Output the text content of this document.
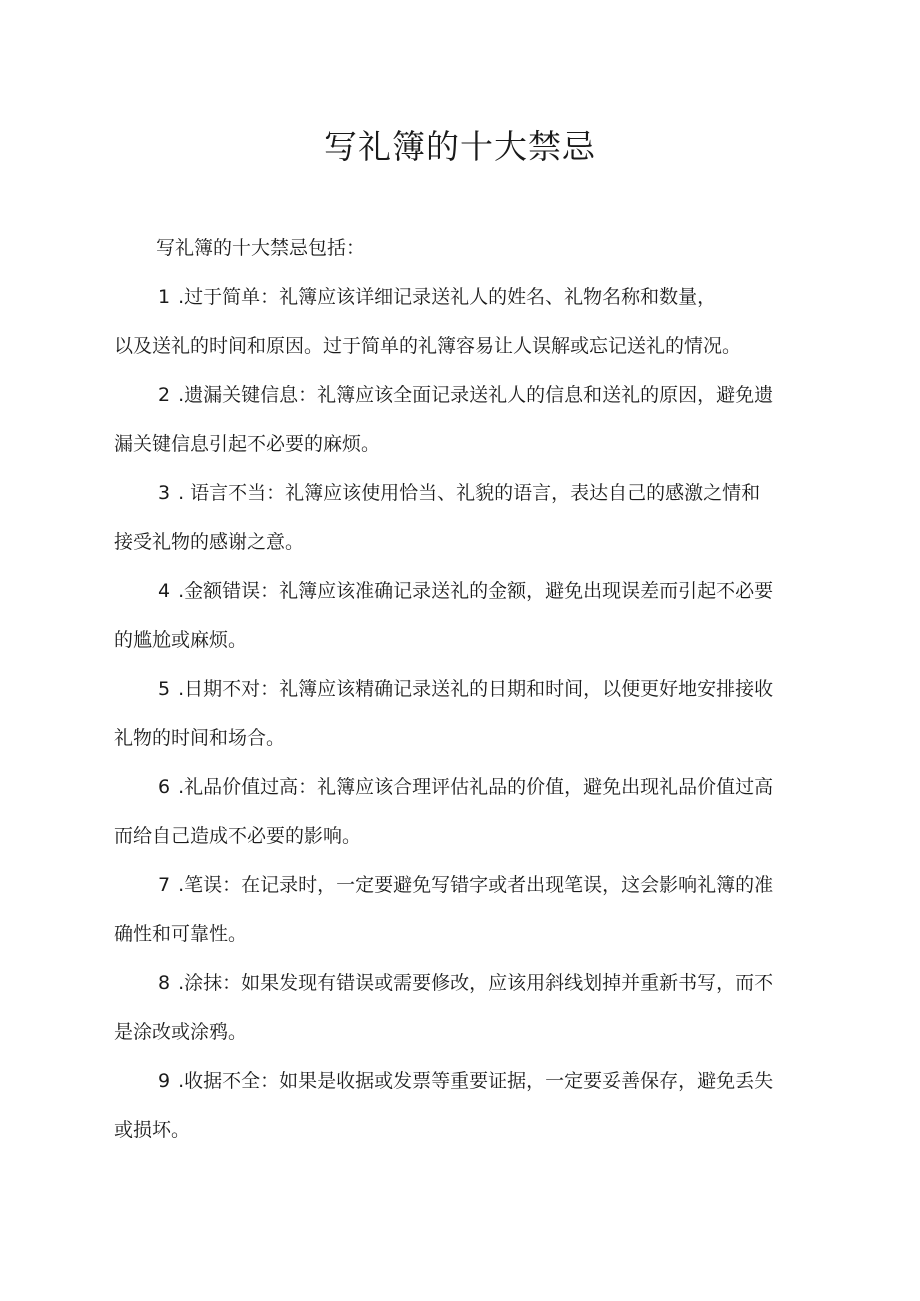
写礼簿的十大禁忌

写礼簿的十大禁忌包括：

1 .过于简单：礼簿应该详细记录送礼人的姓名、礼物名称和数量，
以及送礼的时间和原因。过于简单的礼簿容易让人误解或忘记送礼的情况。

2 .遗漏关键信息：礼簿应该全面记录送礼人的信息和送礼的原因，避免遗
漏关键信息引起不必要的麻烦。

3 . 语言不当：礼簿应该使用恰当、礼貌的语言，表达自己的感激之情和
接受礼物的感谢之意。

4 .金额错误：礼簿应该准确记录送礼的金额，避免出现误差而引起不必要
的尴尬或麻烦。

5 .日期不对：礼簿应该精确记录送礼的日期和时间，以便更好地安排接收
礼物的时间和场合。

6 .礼品价值过高：礼簿应该合理评估礼品的价值，避免出现礼品价值过高
而给自己造成不必要的影响。

7 .笔误：在记录时，一定要避免写错字或者出现笔误，这会影响礼簿的准
确性和可靠性。

8 .涂抹：如果发现有错误或需要修改，应该用斜线划掉并重新书写，而不
是涂改或涂鸦。

9 .收据不全：如果是收据或发票等重要证据，一定要妥善保存，避免丢失
或损坏。
